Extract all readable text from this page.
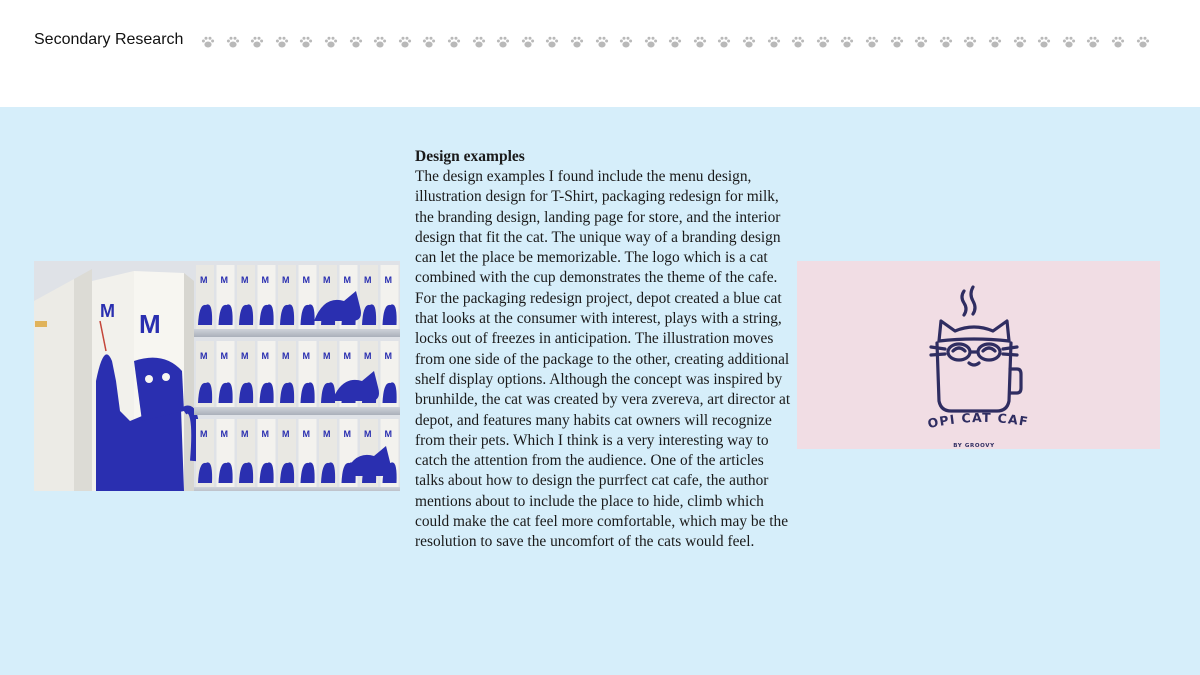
Secondary Research
M
M
M M M M M M M M M M
M M M M M M M M M M
M M M M M M M M M M

Design examples

The design examples I found include the menu design, illustration design for T-Shirt, packaging redesign for milk, the branding design, landing page for store, and the interior design that fit the cat. The unique way of a branding design can let the place be memorizable. The logo which is a cat combined with the cup demonstrates the theme of the cafe. For the packaging redesign project, depot created a blue cat that looks at the consumer with interest, plays with a string, locks out of freezes in anticipation. The illustration moves from one side of the package to the other, creating additional shelf display options. Although the concept was inspired by brunhilde, the cat was created by vera zvereva, art director at depot, and features many habits cat owners will recognize from their pets. Which I think is a very interesting way to catch the attention from the audience. One of the articles talks about how to design the purrfect cat cafe, the author mentions about to include the place to hide, climb which could make the cat feel more comfortable, which may be the resolution to save the uncomfort of the cats would feel.

OPI CAT CAF
BY GROOVY
